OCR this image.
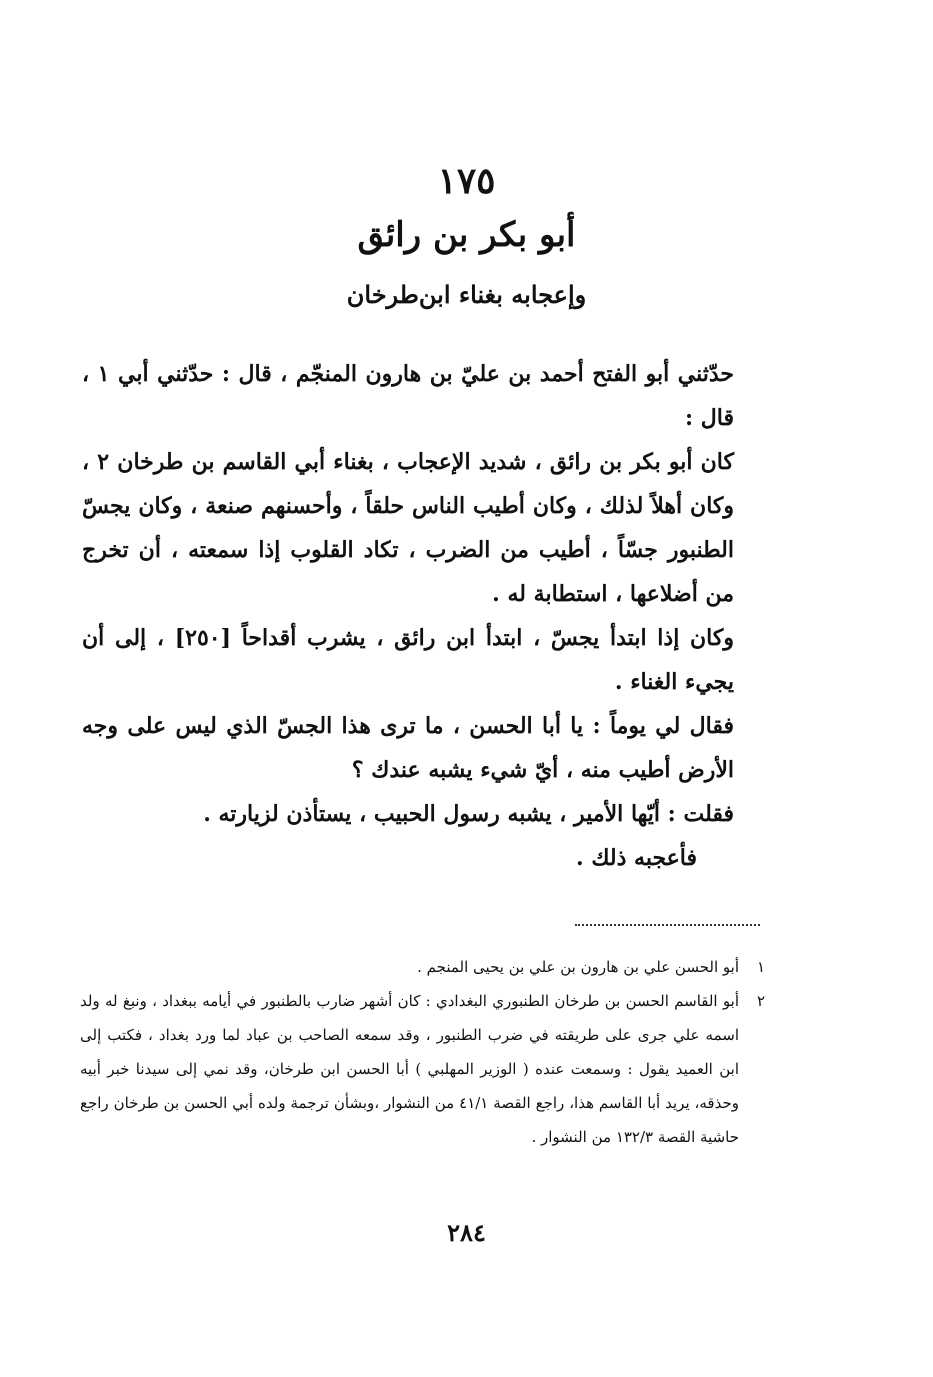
١٧٥
أبو بكر بن رائق
وإعجابه بغناء ابن‌طرخان

حدّثني أبو الفتح أحمد بن عليّ بن هارون المنجّم ، قال : حدّثني أبي ١ ، قال :

كان أبو بكر بن رائق ، شديد الإعجاب ، بغناء أبي القاسم بن طرخان ٢ ، وكان أهلاً لذلك ، وكان أطيب الناس حلقاً ، وأحسنهم صنعة ، وكان يجسّ الطنبور جسّاً ، أطيب من الضرب ، تكاد القلوب إذا سمعته ، أن تخرج من أضلاعها ، استطابة له .

وكان إذا ابتدأ يجسّ ، ابتدأ ابن رائق ، يشرب أقداحاً [٢٥٠] ، إلى أن يجيء الغناء .

فقال لي يوماً : يا أبا الحسن ، ما ترى هذا الجسّ الذي ليس على وجه الأرض أطيب منه ، أيّ شيء يشبه عندك ؟

فقلت : أيّها الأمير ، يشبه رسول الحبيب ، يستأذن لزيارته .

فأعجبه ذلك .

١
أبو الحسن علي بن هارون بن علي بن يحيى المنجم .
٢
أبو القاسم الحسن بن طرخان الطنبوري البغدادي : كان أشهر ضارب بالطنبور في أيامه ببغداد ، ونبغ له ولد اسمه علي جرى على طريقته في ضرب الطنبور ، وقد سمعه الصاحب بن عباد لما ورد بغداد ، فكتب إلى ابن العميد يقول : وسمعت عنده ( الوزير المهلبي ) أبا الحسن ابن طرخان، وقد نمي إلى سيدنا خبر أبيه وحذقه، يريد أبا القاسم هذا، راجع القصة ٤١/١ من النشوار ،وبشأن ترجمة ولده أبي الحسن بن طرخان راجع حاشية القصة ١٣٢/٣ من النشوار .
٢٨٤
